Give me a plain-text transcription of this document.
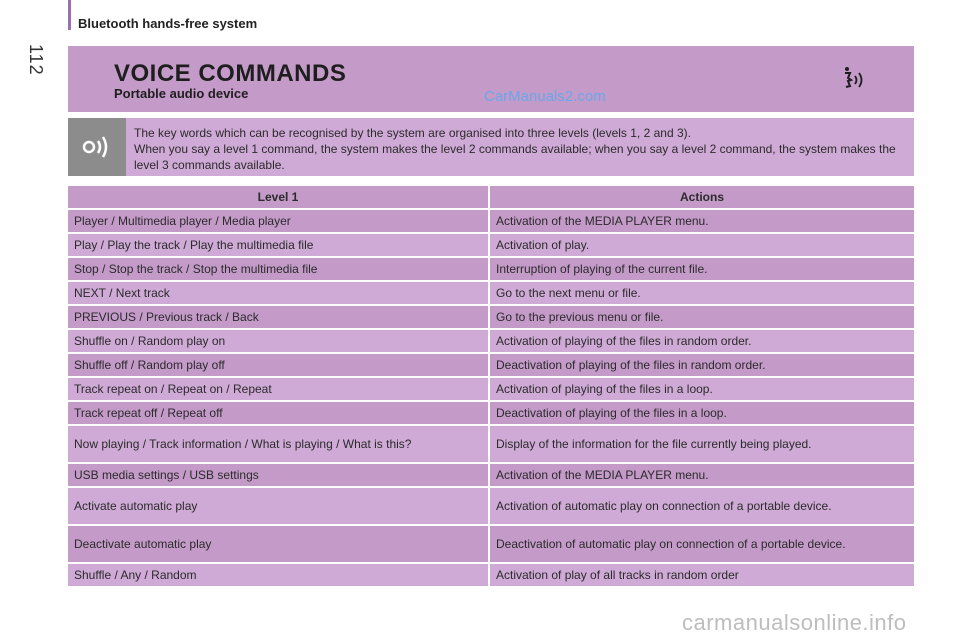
112
Bluetooth hands-free system
VOICE COMMANDS
Portable audio device	CarManuals2.com
The key words which can be recognised by the system are organised into three levels (levels 1, 2 and 3).
When you say a level 1 command, the system makes the level 2 commands available; when you say a level 2 command, the system makes the level 3 commands available.
Level 1	Actions
Player / Multimedia player / Media player	Activation of the MEDIA PLAYER menu.
Play / Play the track / Play the multimedia file	Activation of play.
Stop / Stop the track / Stop the multimedia file	Interruption of playing of the current file.
NEXT / Next track	Go to the next menu or file.
PREVIOUS / Previous track / Back	Go to the previous menu or file.
Shuffle on / Random play on	Activation of playing of the files in random order.
Shuffle off / Random play off	Deactivation of playing of the files in random order.
Track repeat on / Repeat on / Repeat	Activation of playing of the files in a loop.
Track repeat off / Repeat off	Deactivation of playing of the files in a loop.
Now playing / Track information / What is playing / What is this?	Display of the information for the file currently being played.
USB media settings / USB settings	Activation of the MEDIA PLAYER menu.
Activate automatic play	Activation of automatic play on connection of a portable device.
Deactivate automatic play	Deactivation of automatic play on connection of a portable device.
Shuffle / Any / Random	Activation of play of all tracks in random order
carmanualsonline.info
